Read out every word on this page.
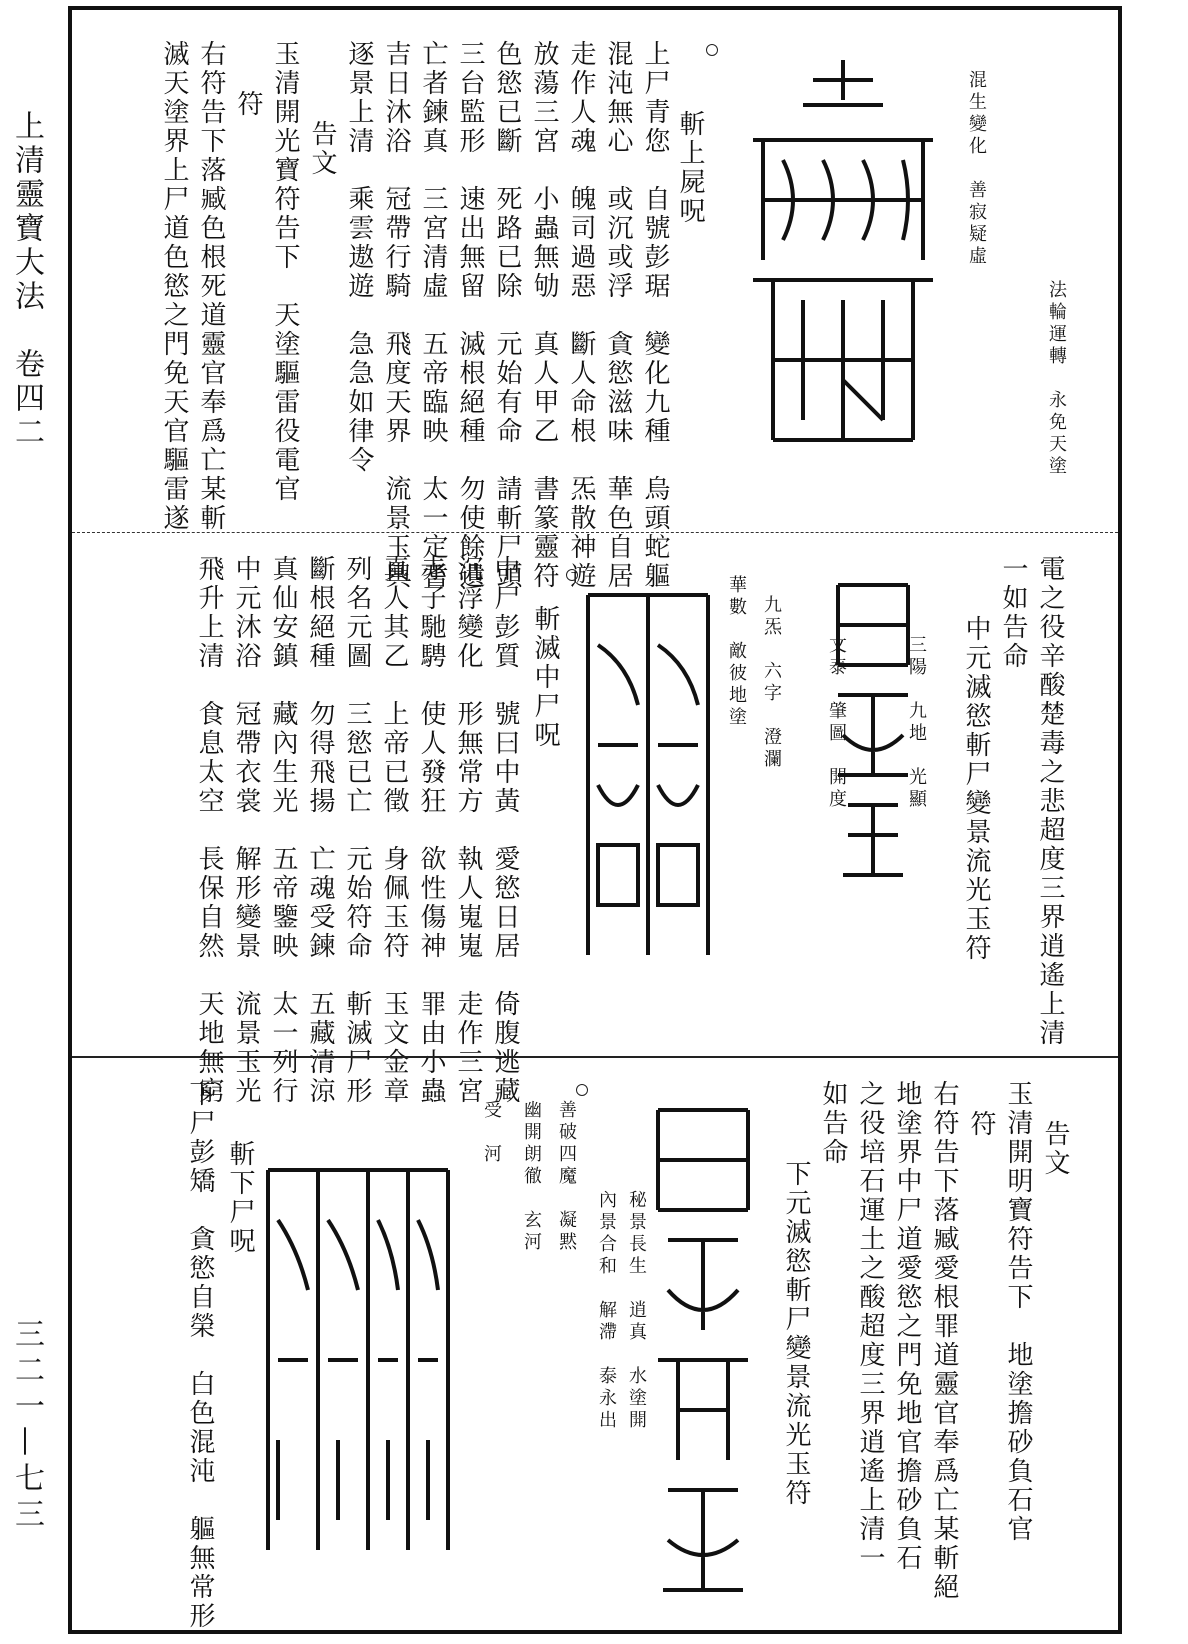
上清靈寶大法　卷四二
三二一—七三
混生變化　善寂疑虛
法輪運轉　永免天塗
斬上屍呪
上尸青您　自號彭琚　變化九種　烏頭蛇軀
混沌無心　或沉或浮　貪慾滋味　華色自居
走作人魂　魄司過惡　斷人命根　炁散神遊
放蕩三宮　小蟲無劬　真人甲乙　書篆靈符
色慾已斷　死路已除　元始有命　請斬尸頭
三台監形　速出無留　滅根絕種　勿使餘遺
亡者鍊真　三宮清虛　五帝臨映　太一定耆
吉日沐浴　冠帶行騎　飛度天界　流景玉輿
逐景上清　乘雲遨遊　急急如律令
告文
玉清開光寶符告下　天塗驅雷役電官
符
右符告下落臧色根死道靈官奉爲亡某斬
滅天塗界上尸道色慾之門免天官驅雷遂
電之役辛酸楚毒之悲超度三界逍遙上清
一如告命
中元滅慾斬尸變景流光玉符
三陽　九地　光顯
文泰　肇圖　開度
九炁　六字　澄瀾
華數　敵彼地塗
斬滅中尸呪
中尸彭質　號曰中黃　愛慾日居　倚腹逃藏
沉浮變化　形無常方　執人嵬嵬　走作三宮
赤子馳騁　使人發狂　欲性傷神　罪由小蟲
真人其乙　上帝已徵　身佩玉符　玉文金章
列名元圖　三慾已亡　元始符命　斬滅尸形
斷根絕種　勿得飛揚　亡魂受鍊　五藏清涼
真仙安鎮　藏內生光　五帝鑒映　太一列行
中元沐浴　冠帶衣裳　解形變景　流景玉光
飛升上清　食息太空　長保自然　天地無窮
告文
玉清開明寶符告下　地塗擔砂負石官
符
右符告下落臧愛根罪道靈官奉爲亡某斬絕
地塗界中尸道愛慾之門免地官擔砂負石
之役培石運土之酸超度三界逍遙上清一
如告命
下元滅慾斬尸變景流光玉符
秘景長生　逍真　水塗開
內景合和　解滯　泰永出
善破四魔　凝黙
幽開朗徹　玄河
受　河
斬下尸呪
下尸彭矯　貪慾自榮　白色混沌　軀無常形
